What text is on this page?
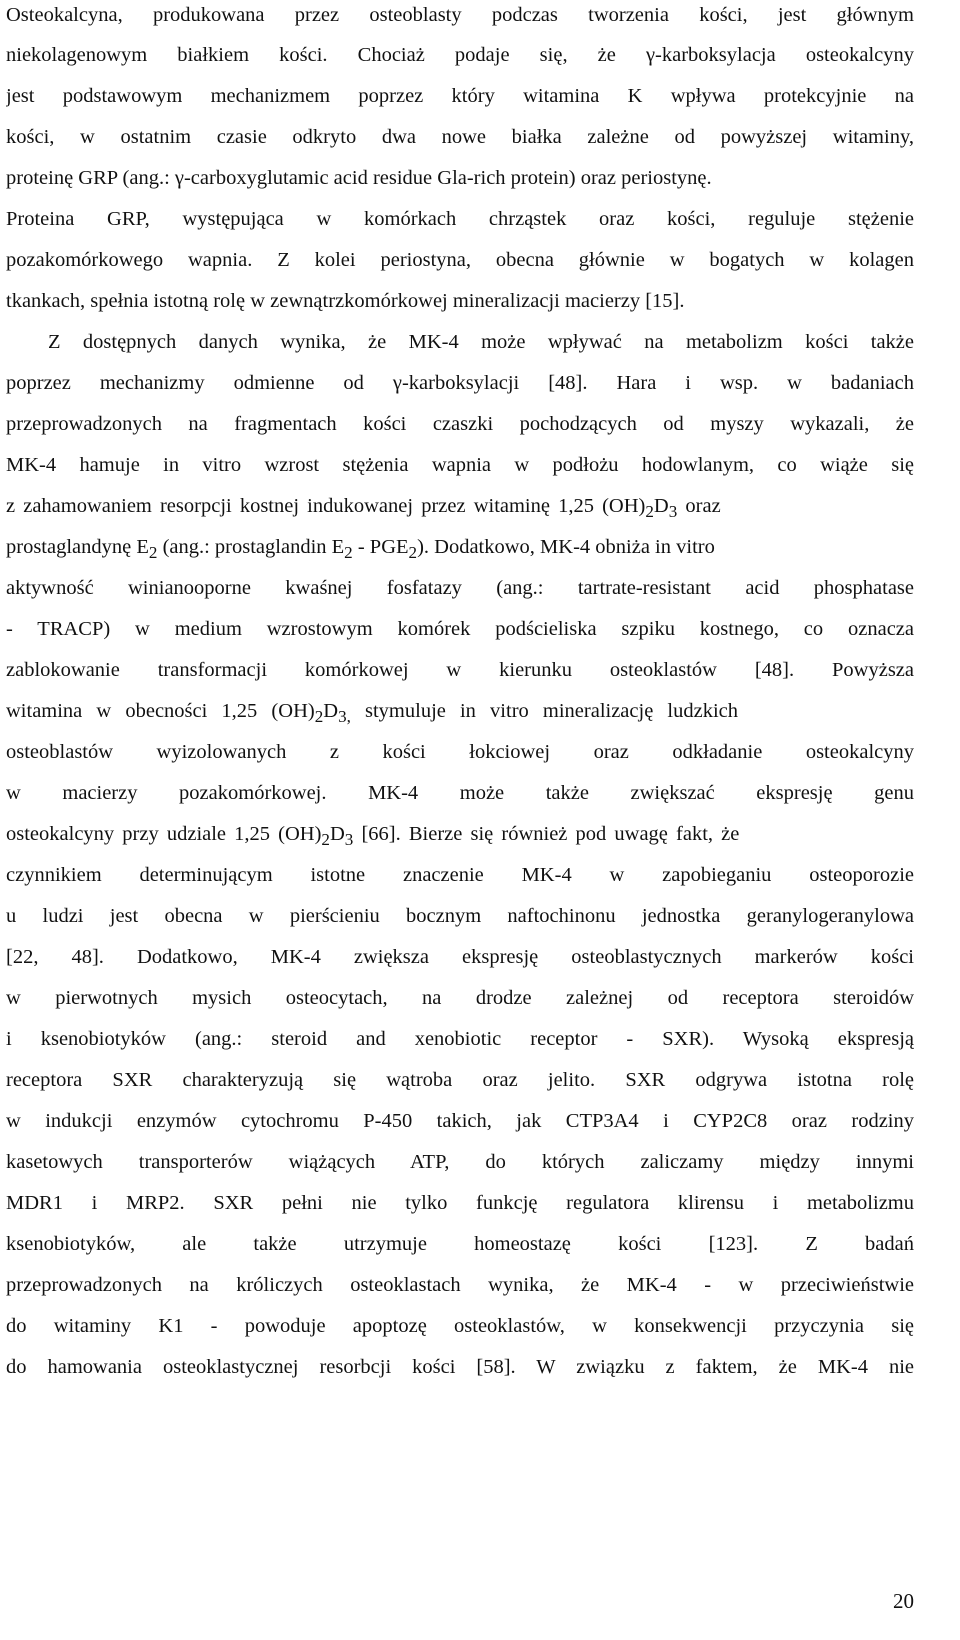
Osteokalcyna, produkowana przez osteoblasty podczas tworzenia kości, jest głównym
niekolagenowym białkiem kości. Chociaż podaje się, że γ-karboksylacja osteokalcyny
jest podstawowym mechanizmem poprzez który witamina K wpływa protekcyjnie na
kości, w ostatnim czasie odkryto dwa nowe białka zależne od powyższej witaminy,
proteinę GRP (ang.: γ-carboxyglutamic acid residue Gla-rich protein) oraz periostynę.
Proteina GRP, występująca w komórkach chrząstek oraz kości, reguluje stężenie
pozakomórkowego wapnia. Z kolei periostyna, obecna głównie w bogatych w kolagen
tkankach, spełnia istotną rolę w zewnątrzkomórkowej mineralizacji macierzy [15].
Z dostępnych danych wynika, że MK-4 może wpływać na metabolizm kości także
poprzez mechanizmy odmienne od γ-karboksylacji [48]. Hara i wsp. w badaniach
przeprowadzonych na fragmentach kości czaszki pochodzących od myszy wykazali, że
MK-4 hamuje in vitro wzrost stężenia wapnia w podłożu hodowlanym, co wiąże się
z zahamowaniem resorpcji kostnej indukowanej przez witaminę 1,25 $(OH)_2D_3$ oraz
prostaglandynę $E_2$ (ang.: prostaglandin $E_2 - PGE_2$). Dodatkowo, MK-4 obniża in vitro
aktywność winianooporne kwaśnej fosfatazy (ang.: tartrate-resistant acid phosphatase
- TRACP) w medium wzrostowym komórek podścieliska szpiku kostnego, co oznacza
zablokowanie transformacji komórkowej w kierunku osteoklastów [48]. Powyższa
witamina w obecności 1,25 $(OH)_2D_{3,}$ stymuluje in vitro mineralizację ludzkich
osteoblastów wyizolowanych z kości łokciowej oraz odkładanie osteokalcyny
w macierzy pozakomórkowej. MK-4 może także zwiększać ekspresję genu
osteokalcyny przy udziale 1,25 $(OH)_2D_3$ [66]. Bierze się również pod uwagę fakt, że
czynnikiem determinującym istotne znaczenie MK-4 w zapobieganiu osteoporozie
u ludzi jest obecna w pierścieniu bocznym naftochinonu jednostka geranylogeranylowa
[22, 48]. Dodatkowo, MK-4 zwiększa ekspresję osteoblastycznych markerów kości
w pierwotnych mysich osteocytach, na drodze zależnej od receptora steroidów
i ksenobiotyków (ang.: steroid and xenobiotic receptor - SXR). Wysoką ekspresją
receptora SXR charakteryzują się wątroba oraz jelito. SXR odgrywa istotna rolę
w indukcji enzymów cytochromu P-450 takich, jak CTP3A4 i CYP2C8 oraz rodziny
kasetowych transporterów wiążących ATP, do których zaliczamy między innymi
MDR1 i MRP2. SXR pełni nie tylko funkcję regulatora klirensu i metabolizmu
ksenobiotyków, ale także utrzymuje homeostazę kości [123]. Z badań
przeprowadzonych na króliczych osteoklastach wynika, że MK-4 - w przeciwieństwie
do witaminy K1 - powoduje apoptozę osteoklastów, w konsekwencji przyczynia się
do hamowania osteoklastycznej resorbcji kości [58]. W związku z faktem, że MK-4 nie
20
